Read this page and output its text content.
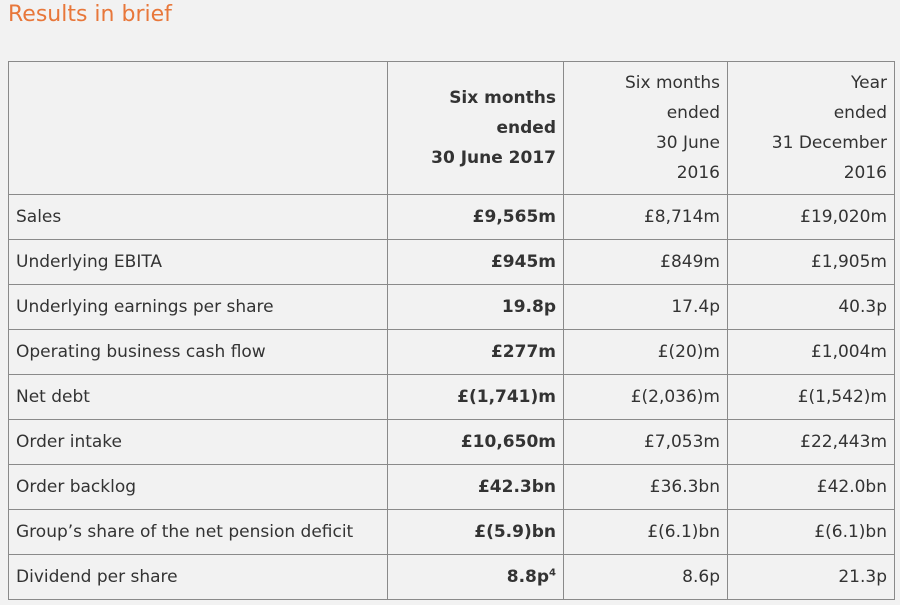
Results in brief

	Six months
ended
30 June 2017	Six months
ended
30 June
2016	Year
ended
31 December
2016

Sales	£9,565m	£8,714m	£19,020m
Underlying EBITA	£945m	£849m	£1,905m
Underlying earnings per share	19.8p	17.4p	40.3p
Operating business cash flow	£277m	£(20)m	£1,004m
Net debt	£(1,741)m	£(2,036)m	£(1,542)m
Order intake	£10,650m	£7,053m	£22,443m
Order backlog	£42.3bn	£36.3bn	£42.0bn
Group’s share of the net pension deficit	£(5.9)bn	£(6.1)bn	£(6.1)bn
Dividend per share	$8.8p^4$	8.6p	21.3p
